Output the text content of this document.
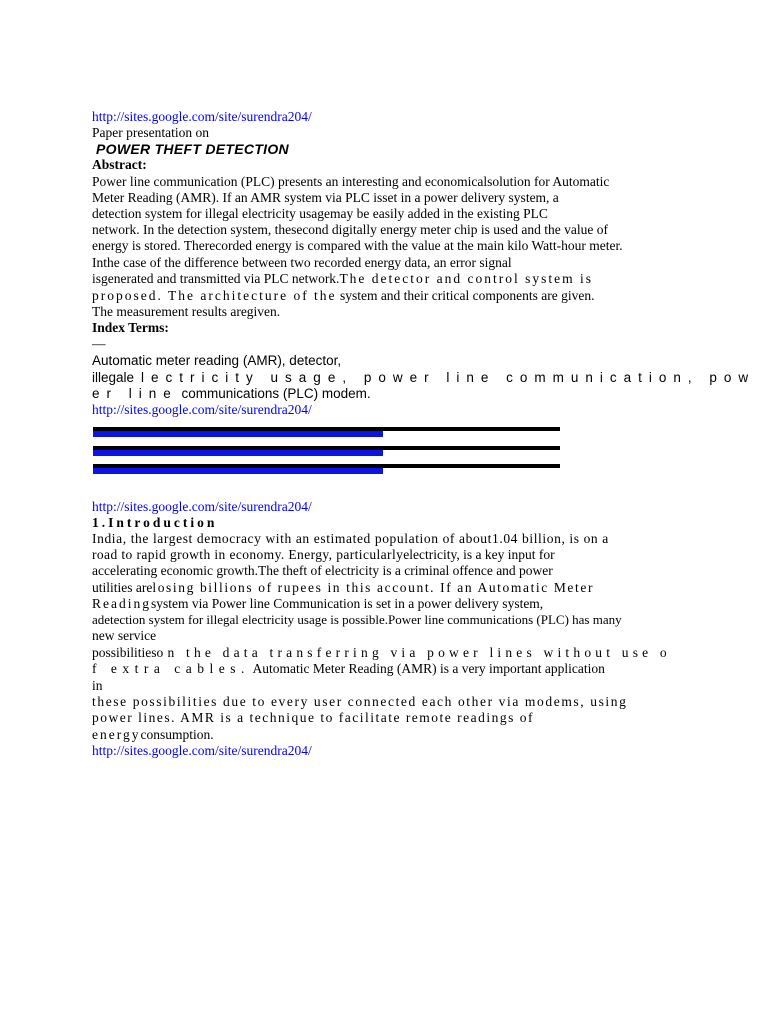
http://sites.google.com/site/surendra204/
Paper presentation on
POWER THEFT DETECTION
Abstract:
Power line communication (PLC) presents an interesting and economicalsolution for Automatic
Meter Reading (AMR). If an AMR system via PLC isset in a power delivery system, a
detection system for illegal electricity usagemay be easily added in the existing PLC
network. In the detection system, thesecond digitally energy meter chip is used and the value of
energy is stored. Therecorded energy is compared with the value at the main kilo Watt-hour meter.
Inthe case of the difference between two recorded energy data, an error signal
isgenerated and transmitted via PLC network.The detector and control system is
proposed. The architecture of the system and their critical components are given.
The measurement results aregiven.
Index Terms:
—
Automatic meter reading (AMR), detector,
illegalelectricity usage, power line communication, pow
er line communications (PLC) modem.
http://sites.google.com/site/surendra204/
http://sites.google.com/site/surendra204/
1.Introduction
India, the largest democracy with an estimated population of about1.04 billion, is on a
road to rapid growth in economy. Energy, particularlyelectricity, is a key input for
accelerating economic growth.The theft of electricity is a criminal offence and power
utilities arelosing billions of rupees in this account. If an Automatic Meter
Readingsystem via Power line Communication is set in a power delivery system,
adetection system for illegal electricity usage is possible.Power line communications (PLC) has many
new service
possibilitieson the data transferring via power lines without use o
f extra cables. Automatic Meter Reading (AMR) is a very important application
in
these possibilities due to every user connected each other via modems, using
power lines. AMR is a technique to facilitate remote readings of
energyconsumption.
http://sites.google.com/site/surendra204/
